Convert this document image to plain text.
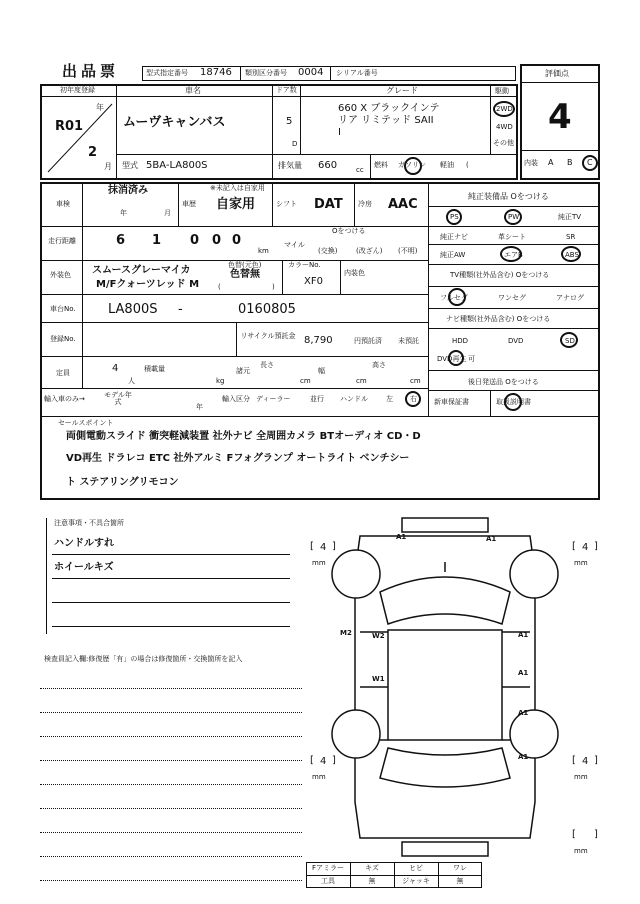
出品票	型式指定番号 18746 類別区分番号 0004 シリアル番号	評価点
4
内装 A B C
初年度登録
年
R01
2
月
車名
ムーヴキャンバス
ドア数
5
D
グレード
660 X ブラックインテ
リア リミテッド SAII
I
駆動
2WD
4WD
その他
型式 5BA-LA800S	排気量 660	cc
燃料 ガソリン 軽油 (
車検
抹消済み
年	月
車歴
※未記入は自家用
自家用	シフト DAT 冷房 AAC
純正装備品 Oをつける
PS	PW	純正TV
純正ナビ	革シート	SR
純正AW	エアB	ABS
TV種類(社外品含む) Oをつける
フルセグ	ワンセグ	アナログ
ナビ種類(社外品含む) Oをつける
HDD	DVD	SD
DVD再生 可
後日発送品 Oをつける
新車保証書	取扱説明書
走行距離	6 1 0 0 0
km
Oをつける
マイル
(交換)	(改ざん) (不明)
外装色 スムースグレーマイカ
M/Fクォーツレッド M
色替(元色)
色替無
(	)
カラーNo.
XF0
内装色
車台No. LA800S -	0160805
登録No.	リサイクル預託金 8,790	円預託済 未預託
定員	4
人
積載量
kg
諸元
長さ
cm
幅
cm
高さ
cm
輸入車のみ→	モデル年式
年
輸入区分 ディーラー	並行 ハンドル	左 右
セールスポイント
両側電動スライド 衝突軽減装置 社外ナビ 全周囲カメラ BTオーディオ CD・D
VD再生 ドラレコ ETC 社外アルミ Fフォグランプ オートライト ベンチシー
ト ステアリングリモコン
注意事項・不具合箇所
ハンドルすれ
ホイールキズ
検査員記入欄:修復歴「有」の場合は修復箇所・交換箇所を記入
A1	A1
W2
M2	A1
W1
A1
A1
A1
[ 4 ]
mm
[ 4 ]
mm
[ 4 ]
mm
[ 4 ]
mm
[ ]
mm
Fアミラー	キズ	ヒビ	ワレ
工具	無	ジャッキ	無
